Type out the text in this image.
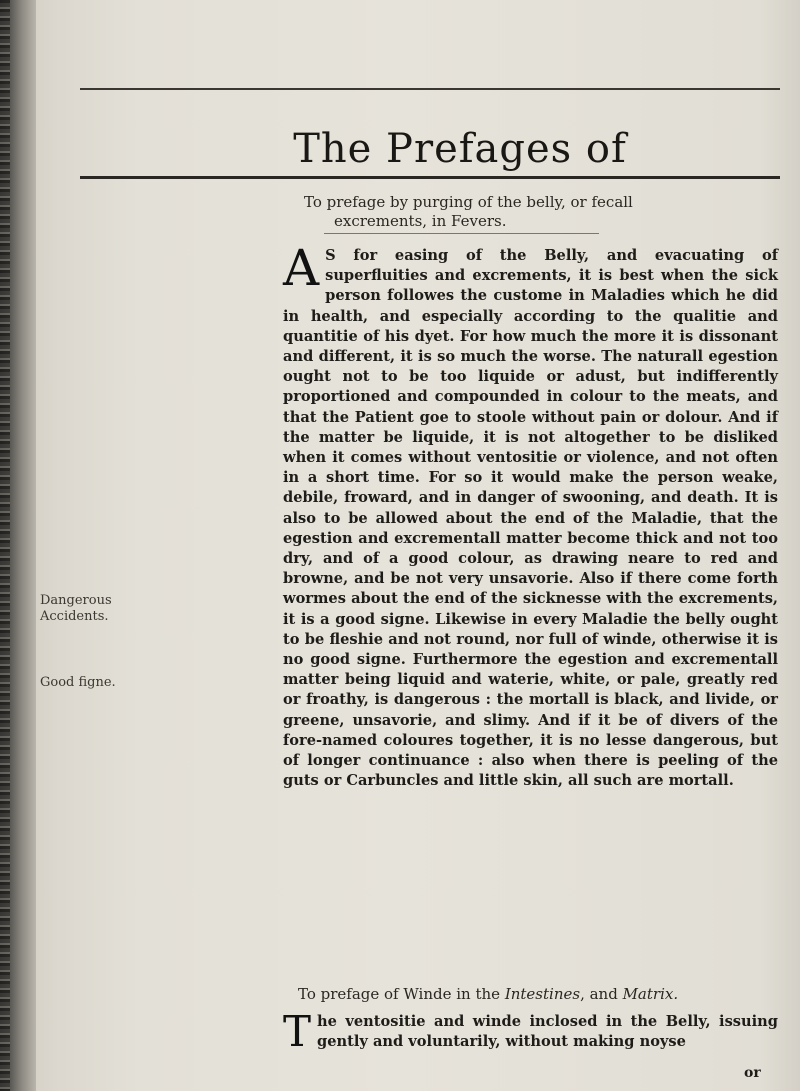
The Prefages of
To prefage by purging of the belly, or fecall
excrements, in Fevers.
Dangerous Accidents.
Good figne.
A S for easing of the Belly, and evacuating of superfluities and excrements, it is best when the sick person followes the custome in Maladies which he did in health, and especially according to the qualitie and quantitie of his dyet. For how much the more it is dissonant and different, it is so much the worse. The naturall egestion ought not to be too liquide or adust, but indifferently proportioned and compounded in colour to the meats, and that the Patient goe to stoole without pain or dolour. And if the matter be liquide, it is not altogether to be disliked when it comes without ventositie or violence, and not often in a short time. For so it would make the person weake, debile, froward, and in danger of swooning, and death. It is also to be allowed about the end of the Maladie, that the egestion and excrementall matter become thick and not too dry, and of a good colour, as drawing neare to red and browne, and be not very unsavorie. Also if there come forth wormes about the end of the sicknesse with the excrements, it is a good signe. Likewise in every Maladie the belly ought to be fleshie and not round, nor full of winde, otherwise it is no good signe. Furthermore the egestion and excrementall matter being liquid and waterie, white, or pale, greatly red or froathy, is dangerous : the mortall is black, and livide, or greene, unsavorie, and slimy. And if it be of divers of the fore-named coloures together, it is no lesse dangerous, but of longer continuance : also when there is peeling of the guts or Carbuncles and little skin, all such are mortall.
To prefage of Winde in the Intestines, and Matrix.
T he ventositie and winde inclosed in the Belly, issuing gently and voluntarily, without making noyse
or
